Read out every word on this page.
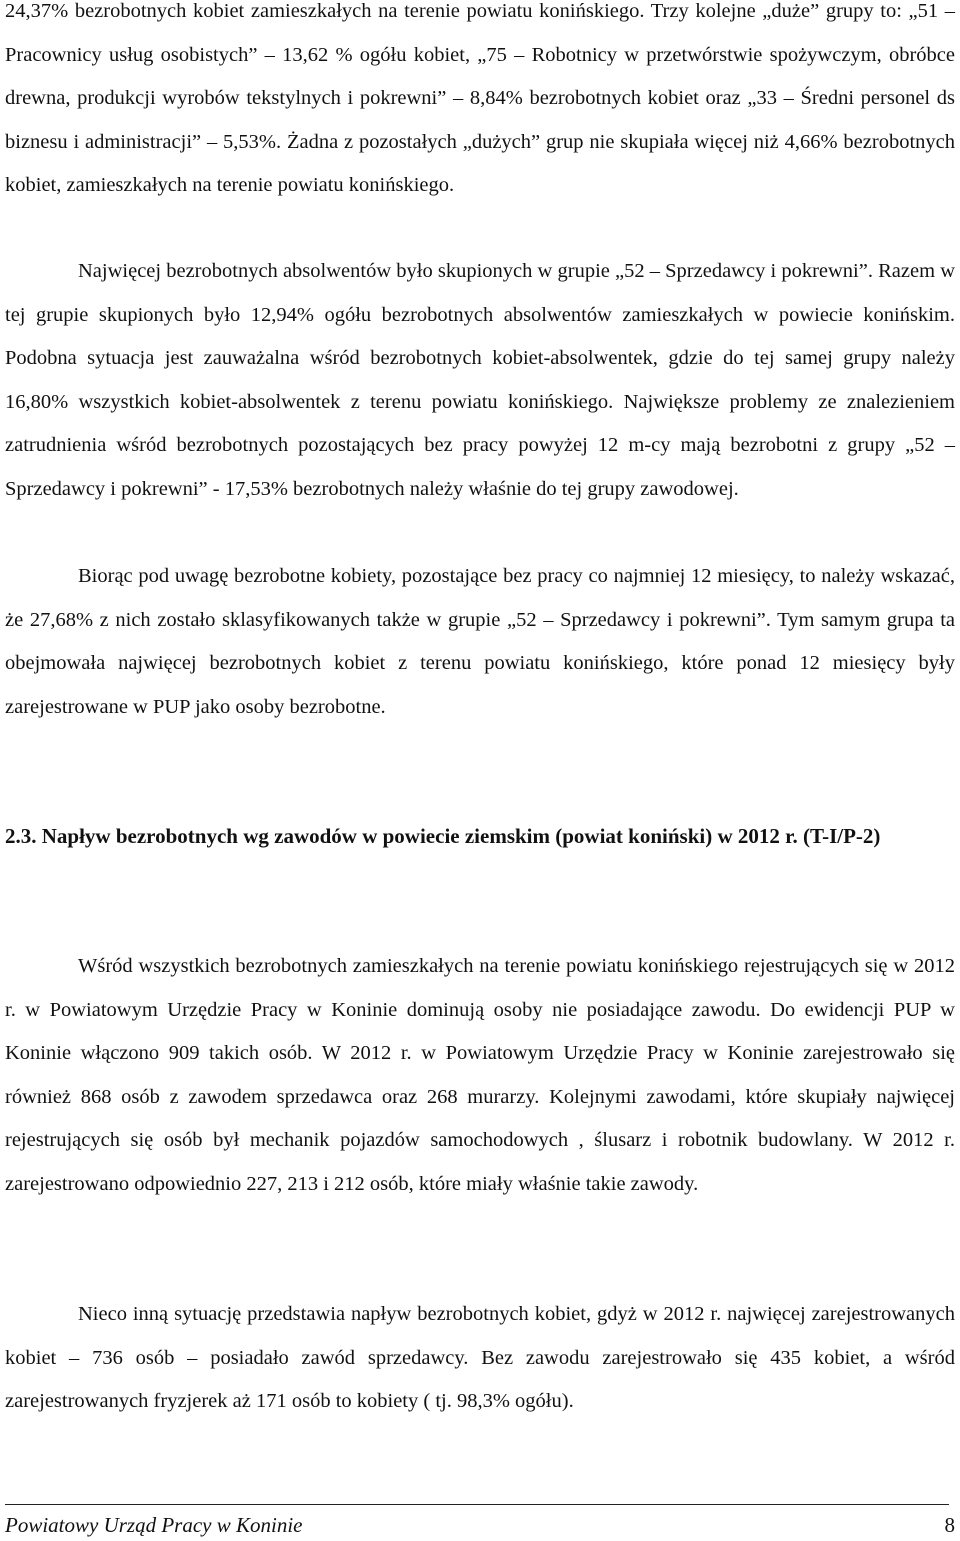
24,37% bezrobotnych kobiet zamieszkałych na terenie powiatu konińskiego. Trzy kolejne „duże” grupy to: „51 – Pracownicy usług osobistych” – 13,62 % ogółu kobiet, „75 – Robotnicy w przetwórstwie spożywczym, obróbce drewna, produkcji wyrobów tekstylnych i pokrewni” – 8,84% bezrobotnych kobiet oraz „33 – Średni personel ds biznesu i administracji” – 5,53%. Żadna z pozostałych „dużych” grup nie skupiała więcej niż 4,66% bezrobotnych kobiet, zamieszkałych na terenie powiatu konińskiego.

Najwięcej bezrobotnych absolwentów było skupionych w grupie „52 – Sprzedawcy i pokrewni”. Razem w tej grupie skupionych było 12,94% ogółu bezrobotnych absolwentów zamieszkałych w powiecie konińskim. Podobna sytuacja jest zauważalna wśród bezrobotnych kobiet-absolwentek, gdzie do tej samej grupy należy 16,80% wszystkich kobiet-absolwentek z terenu powiatu konińskiego. Największe problemy ze znalezieniem zatrudnienia wśród bezrobotnych pozostających bez pracy powyżej 12 m-cy mają bezrobotni z grupy „52 – Sprzedawcy i pokrewni” - 17,53% bezrobotnych należy właśnie do tej grupy zawodowej.

Biorąc pod uwagę bezrobotne kobiety, pozostające bez pracy co najmniej 12 miesięcy, to należy wskazać, że 27,68% z nich zostało sklasyfikowanych także w grupie „52 – Sprzedawcy i pokrewni”. Tym samym grupa ta obejmowała najwięcej bezrobotnych kobiet z terenu powiatu konińskiego, które ponad 12 miesięcy były zarejestrowane w PUP jako osoby bezrobotne.

2.3. Napływ bezrobotnych wg zawodów w powiecie ziemskim (powiat koniński) w 2012 r. (T-I/P-2)

Wśród wszystkich bezrobotnych zamieszkałych na terenie powiatu konińskiego rejestrujących się w 2012 r. w Powiatowym Urzędzie Pracy w Koninie dominują osoby nie posiadające zawodu. Do ewidencji PUP w Koninie włączono 909 takich osób. W 2012 r. w Powiatowym Urzędzie Pracy w Koninie zarejestrowało się również 868 osób z zawodem sprzedawca oraz 268 murarzy. Kolejnymi zawodami, które skupiały najwięcej rejestrujących się osób był mechanik pojazdów samochodowych , ślusarz i robotnik budowlany. W 2012 r. zarejestrowano odpowiednio 227, 213 i 212 osób, które miały właśnie takie zawody.

Nieco inną sytuację przedstawia napływ bezrobotnych kobiet, gdyż w 2012 r. najwięcej zarejestrowanych kobiet – 736 osób – posiadało zawód sprzedawcy. Bez zawodu zarejestrowało się 435 kobiet, a wśród zarejestrowanych fryzjerek aż 171 osób to kobiety ( tj. 98,3% ogółu).

Powiatowy Urząd Pracy w Koninie	8
